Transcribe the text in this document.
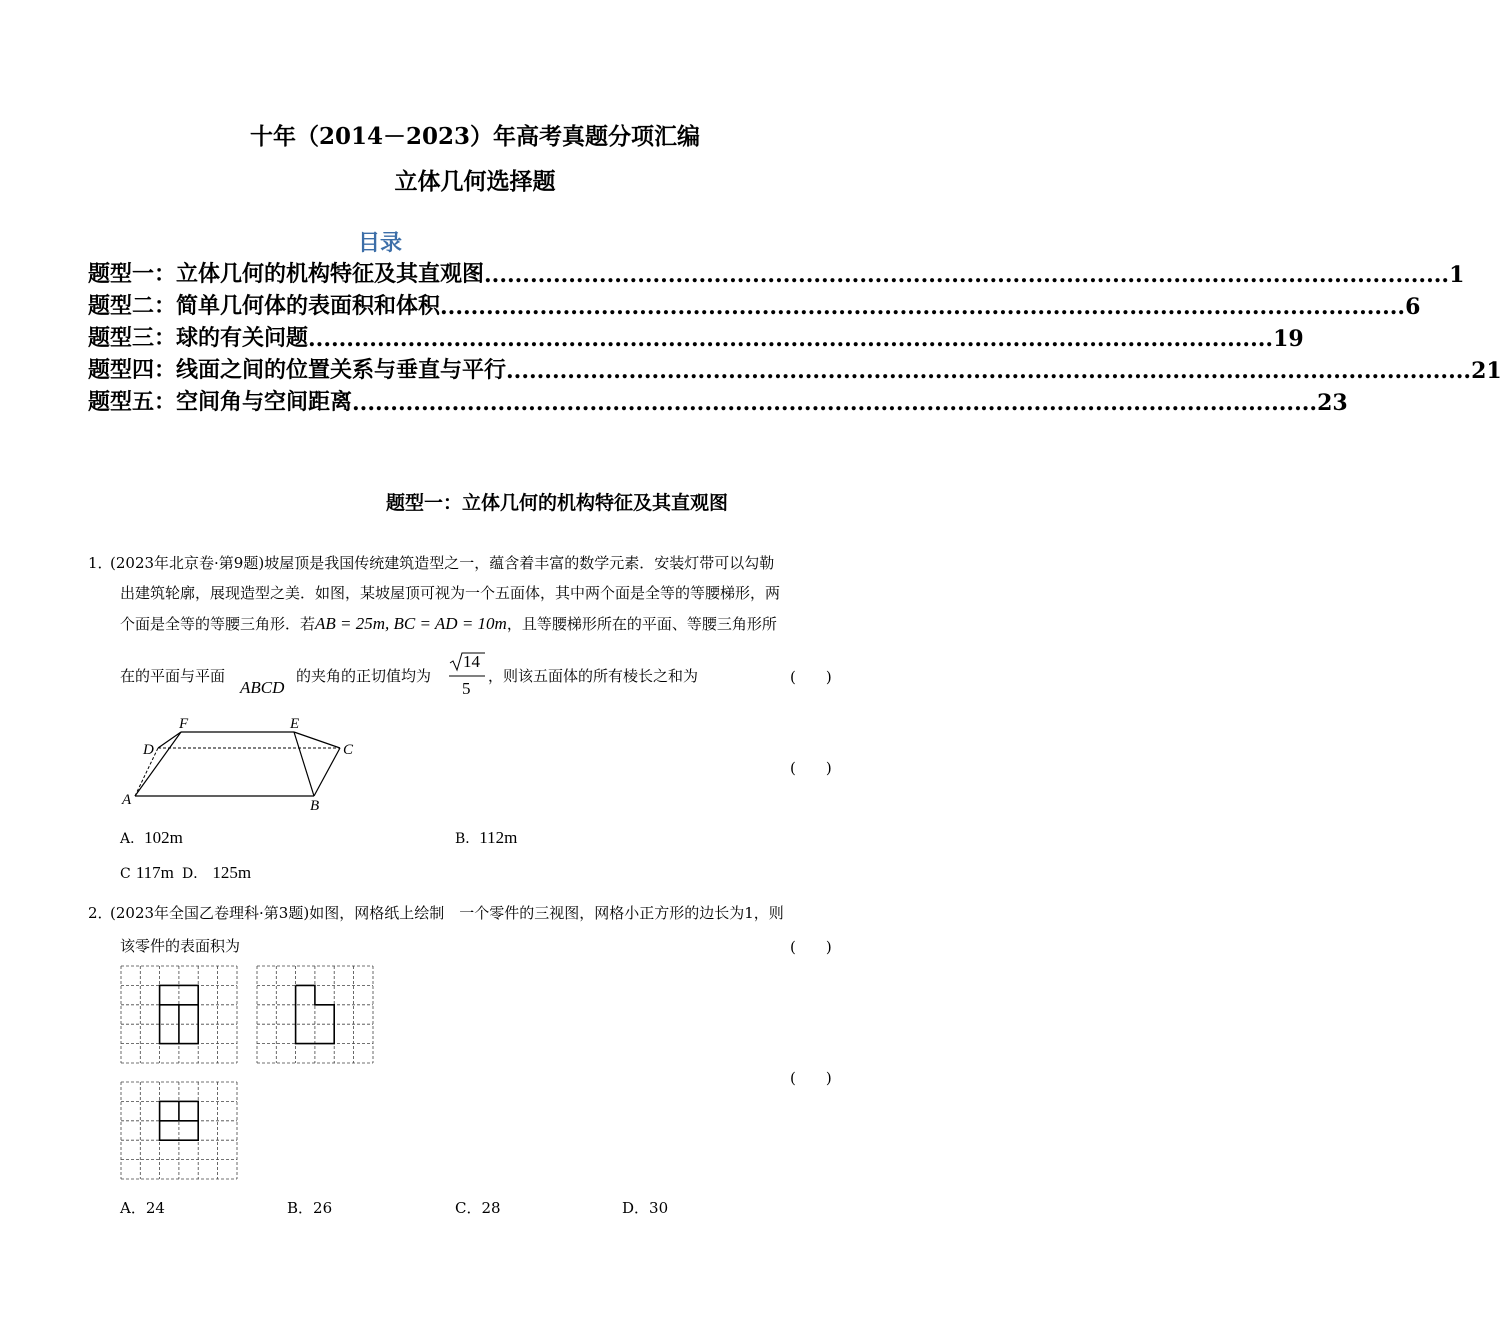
十年（2014－2023）年高考真题分项汇编
立体几何选择题
目录
题型一：立体几何的机构特征及其直观图 .............................................................................................................................. 1
题型二：简单几何体的表面积和体积 .............................................................................................................................. 6
题型三：球的有关问题 .............................................................................................................................. 19
题型四：线面之间的位置关系与垂直与平行 .............................................................................................................................. 21
题型五：空间角与空间距离 .............................................................................................................................. 23
题型一：立体几何的机构特征及其直观图
1．
(2023年北京卷·第9题)坡屋顶是我国传统建筑造型之一，蕴含着丰富的数学元素．安装灯带可以勾勒
出建筑轮廓，展现造型之美．如图，某坡屋顶可视为一个五面体，其中两个面是全等的等腰梯形，两
个面是全等的等腰三角形．若AB = 25m, BC = AD = 10m，且等腰梯形所在的平面、等腰三角形所
在的平面与平面
ABCD
的夹角的正切值均为
14
5
，则该五面体的所有棱长之和为	(　　)
(　　)
F	E
D	C
A	B
A．102m	B．112m
C 117m D． 125m
2．
(2023年全国乙卷理科·第3题)如图，网格纸上绘制　一个零件的三视图，网格小正方形的边长为1，则
该零件的表面积为	(　　)
(　　)
A．24	B．26	C．28	D．30
